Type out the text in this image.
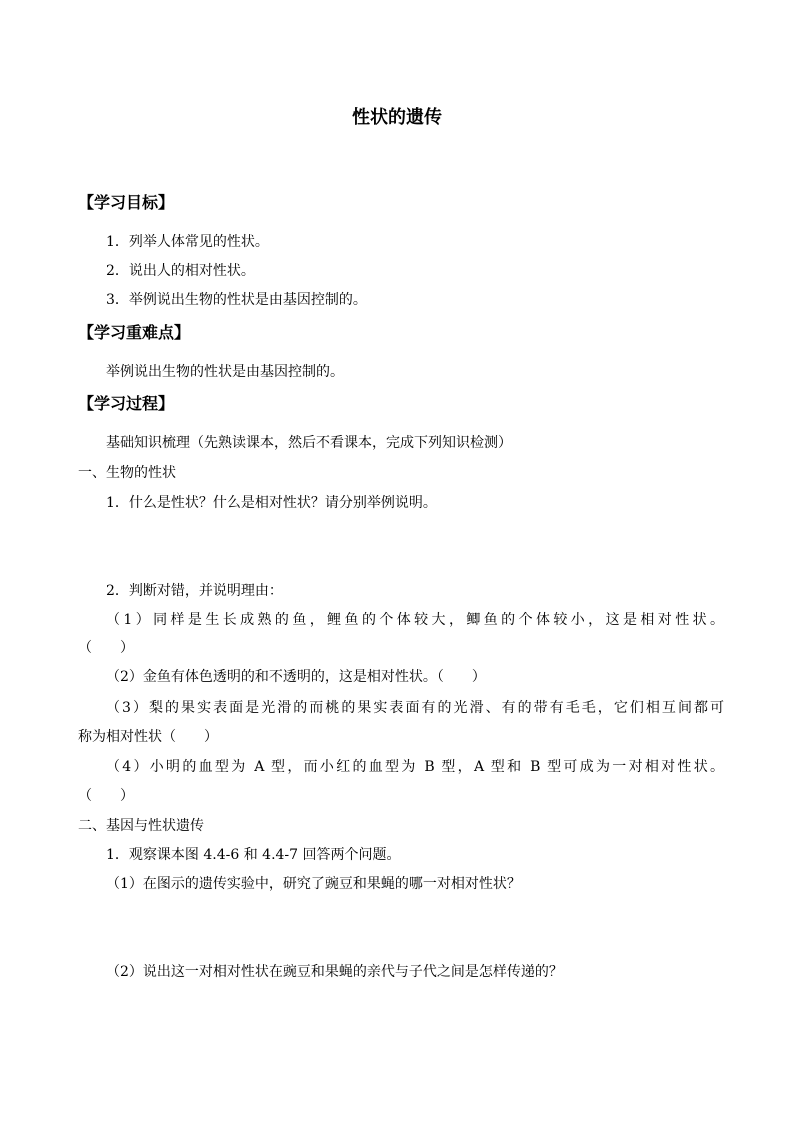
性状的遗传
【学习目标】
1．列举人体常见的性状。
2．说出人的相对性状。
3．举例说出生物的性状是由基因控制的。
【学习重难点】
举例说出生物的性状是由基因控制的。
【学习过程】
基础知识梳理（先熟读课本，然后不看课本，完成下列知识检测）
一、生物的性状
1．什么是性状？什么是相对性状？请分别举例说明。
2．判断对错，并说明理由：
（1）同样是生长成熟的鱼，鲤鱼的个体较大，鲫鱼的个体较小，这是相对性状。
（　　）
（2）金鱼有体色透明的和不透明的，这是相对性状。（　　）
（3）梨的果实表面是光滑的而桃的果实表面有的光滑、有的带有毛毛，它们相互间都可
称为相对性状（　　）
（4）小明的血型为 A 型，而小红的血型为 B 型，A 型和 B 型可成为一对相对性状。
（　　）
二、基因与性状遗传
1．观察课本图 4.4-6 和 4.4-7 回答两个问题。
（1）在图示的遗传实验中，研究了豌豆和果蝇的哪一对相对性状？
（2）说出这一对相对性状在豌豆和果蝇的亲代与子代之间是怎样传递的？
